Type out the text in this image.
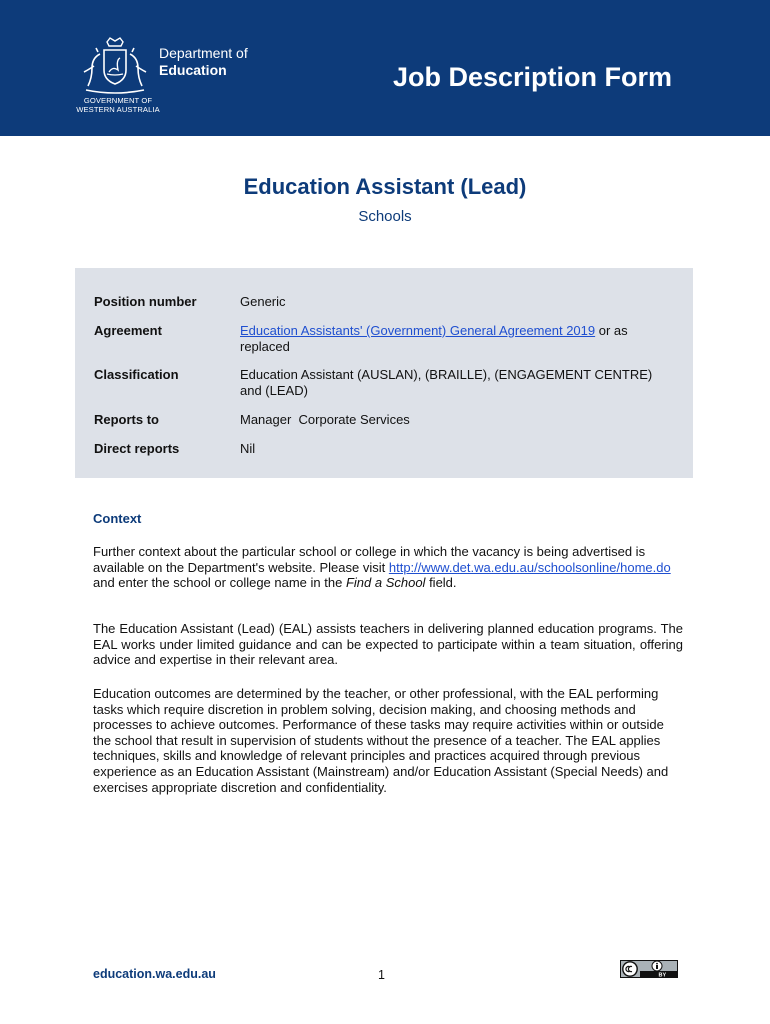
GOVERNMENT OF
WESTERN AUSTRALIA
Department of
Education	Job Description Form
Education Assistant (Lead)
Schools
Position number	Generic
Agreement	Education Assistants' (Government) General Agreement 2019 or as replaced
Classification	Education Assistant (AUSLAN), (BRAILLE), (ENGAGEMENT CENTRE) and (LEAD)
Reports to	Manager  Corporate Services
Direct reports	Nil
Context
Further context about the particular school or college in which the vacancy is being advertised is available on the Department's website. Please visit http://www.det.wa.edu.au/schoolsonline/home.do and enter the school or college name in the Find a School field.
The Education Assistant (Lead) (EAL) assists teachers in delivering planned education programs. The EAL works under limited guidance and can be expected to participate within a team situation, offering advice and expertise in their relevant area.
Education outcomes are determined by the teacher, or other professional, with the EAL performing tasks which require discretion in problem solving, decision making, and choosing methods and processes to achieve outcomes. Performance of these tasks may require activities within or outside the school that result in supervision of students without the presence of a teacher. The EAL applies techniques, skills and knowledge of relevant principles and practices acquired through previous experience as an Education Assistant (Mainstream) and/or Education Assistant (Special Needs) and exercises appropriate discretion and confidentiality.
education.wa.edu.au	1	BY
